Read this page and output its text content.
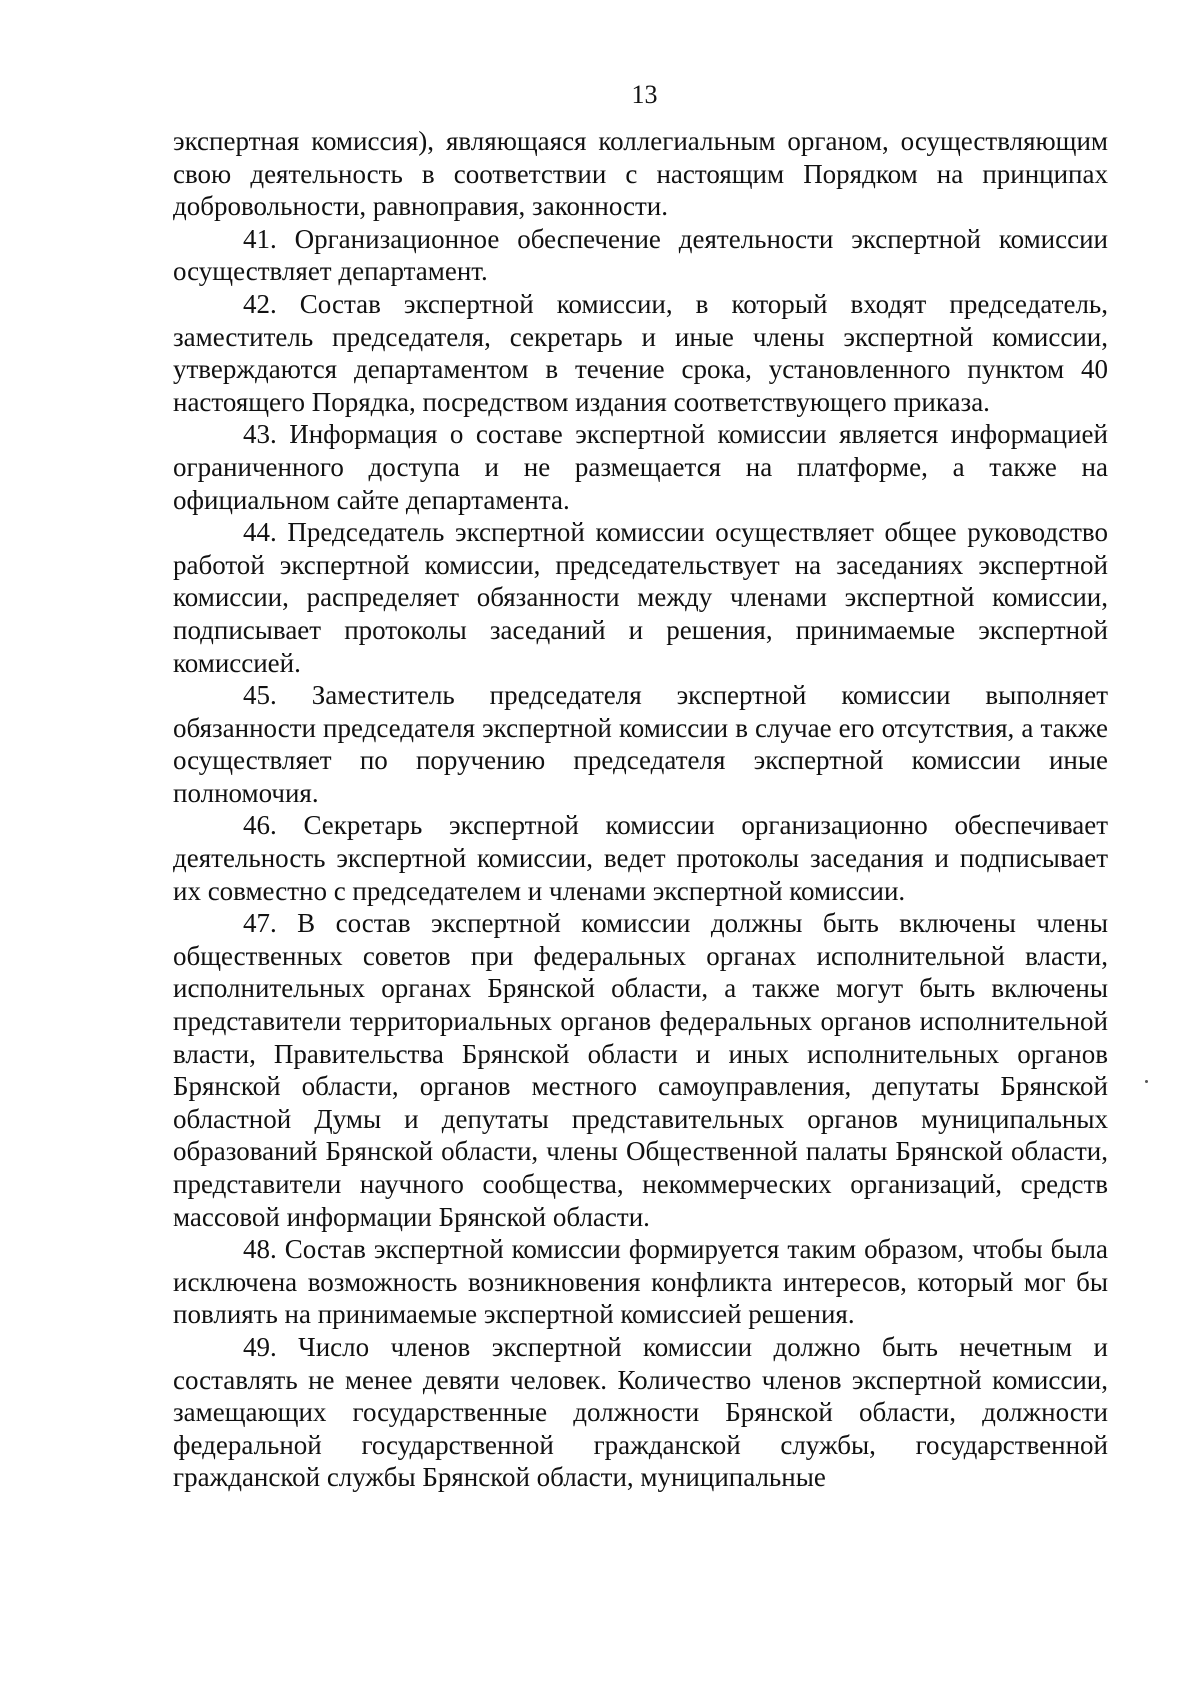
13

экспертная комиссия), являющаяся коллегиальным органом, осуществляющим свою деятельность в соответствии с настоящим Порядком на принципах добровольности, равноправия, законности.

41. Организационное обеспечение деятельности экспертной комиссии осуществляет департамент.

42. Состав экспертной комиссии, в который входят председатель, заместитель председателя, секретарь и иные члены экспертной комиссии, утверждаются департаментом в течение срока, установленного пунктом 40 настоящего Порядка, посредством издания соответствующего приказа.

43. Информация о составе экспертной комиссии является информацией ограниченного доступа и не размещается на платформе, а также на официальном сайте департамента.

44. Председатель экспертной комиссии осуществляет общее руководство работой экспертной комиссии, председательствует на заседаниях экспертной комиссии, распределяет обязанности между членами экспертной комиссии, подписывает протоколы заседаний и решения, принимаемые экспертной комиссией.

45. Заместитель председателя экспертной комиссии выполняет обязанности председателя экспертной комиссии в случае его отсутствия, а также осуществляет по поручению председателя экспертной комиссии иные полномочия.

46. Секретарь экспертной комиссии организационно обеспечивает деятельность экспертной комиссии, ведет протоколы заседания и подписывает их совместно с председателем и членами экспертной комиссии.

47. В состав экспертной комиссии должны быть включены члены общественных советов при федеральных органах исполнительной власти, исполнительных органах Брянской области, а также могут быть включены представители территориальных органов федеральных органов исполнительной власти, Правительства Брянской области и иных исполнительных органов Брянской области, органов местного самоуправления, депутаты Брянской областной Думы и депутаты представительных органов муниципальных образований Брянской области, члены Общественной палаты Брянской области, представители научного сообщества, некоммерческих организаций, средств массовой информации Брянской области.

48. Состав экспертной комиссии формируется таким образом, чтобы была исключена возможность возникновения конфликта интересов, который мог бы повлиять на принимаемые экспертной комиссией решения.

49. Число членов экспертной комиссии должно быть нечетным и составлять не менее девяти человек. Количество членов экспертной комиссии, замещающих государственные должности Брянской области, должности федеральной государственной гражданской службы, государственной гражданской службы Брянской области, муниципальные
